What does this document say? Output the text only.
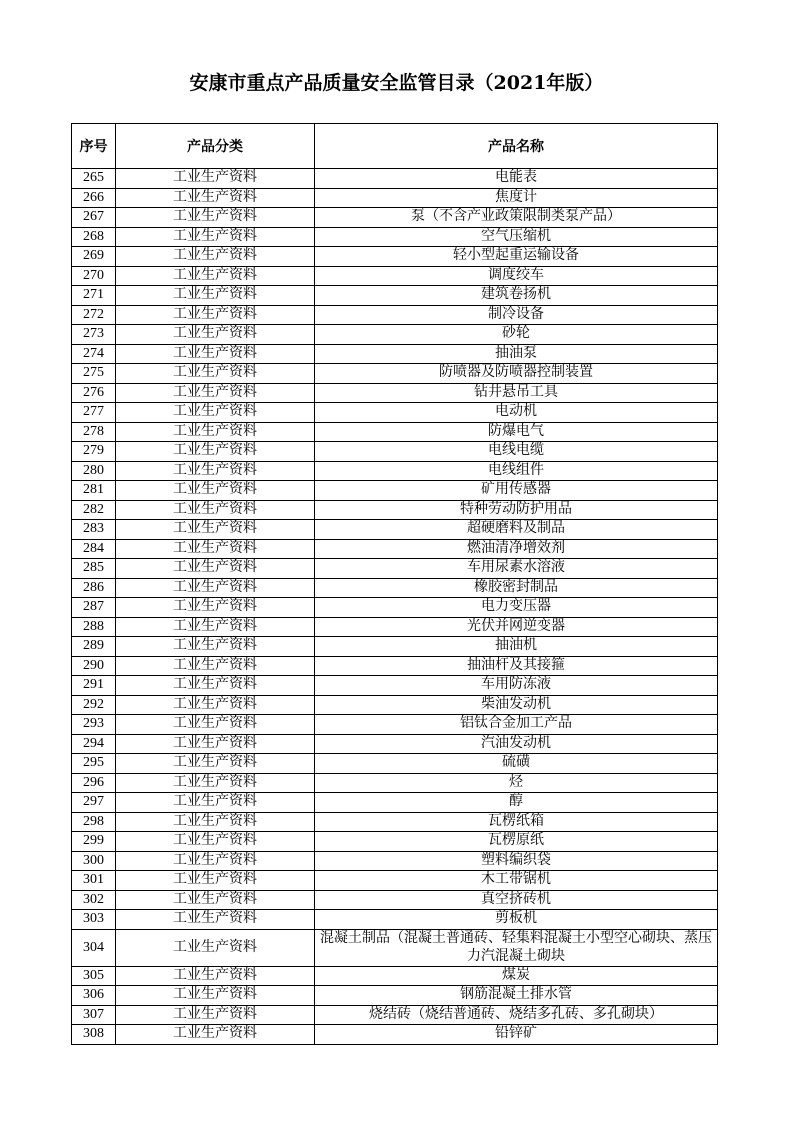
安康市重点产品质量安全监管目录（2021年版）
序号	产品分类	产品名称
265	工业生产资料	电能表
266	工业生产资料	焦度计
267	工业生产资料	泵（不含产业政策限制类泵产品）
268	工业生产资料	空气压缩机
269	工业生产资料	轻小型起重运输设备
270	工业生产资料	调度绞车
271	工业生产资料	建筑卷扬机
272	工业生产资料	制冷设备
273	工业生产资料	砂轮
274	工业生产资料	抽油泵
275	工业生产资料	防喷器及防喷器控制装置
276	工业生产资料	钻井悬吊工具
277	工业生产资料	电动机
278	工业生产资料	防爆电气
279	工业生产资料	电线电缆
280	工业生产资料	电线组件
281	工业生产资料	矿用传感器
282	工业生产资料	特种劳动防护用品
283	工业生产资料	超硬磨料及制品
284	工业生产资料	燃油清净增效剂
285	工业生产资料	车用尿素水溶液
286	工业生产资料	橡胶密封制品
287	工业生产资料	电力变压器
288	工业生产资料	光伏并网逆变器
289	工业生产资料	抽油机
290	工业生产资料	抽油杆及其接箍
291	工业生产资料	车用防冻液
292	工业生产资料	柴油发动机
293	工业生产资料	铝钛合金加工产品
294	工业生产资料	汽油发动机
295	工业生产资料	硫磺
296	工业生产资料	烃
297	工业生产资料	醇
298	工业生产资料	瓦楞纸箱
299	工业生产资料	瓦楞原纸
300	工业生产资料	塑料编织袋
301	工业生产资料	木工带锯机
302	工业生产资料	真空挤砖机
303	工业生产资料	剪板机
304	工业生产资料	混凝土制品（混凝土普通砖、轻集料混凝土小型空心砌块、蒸压力汽混凝土砌块
305	工业生产资料	煤炭
306	工业生产资料	钢筋混凝土排水管
307	工业生产资料	烧结砖（烧结普通砖、烧结多孔砖、多孔砌块）
308	工业生产资料	铅锌矿
